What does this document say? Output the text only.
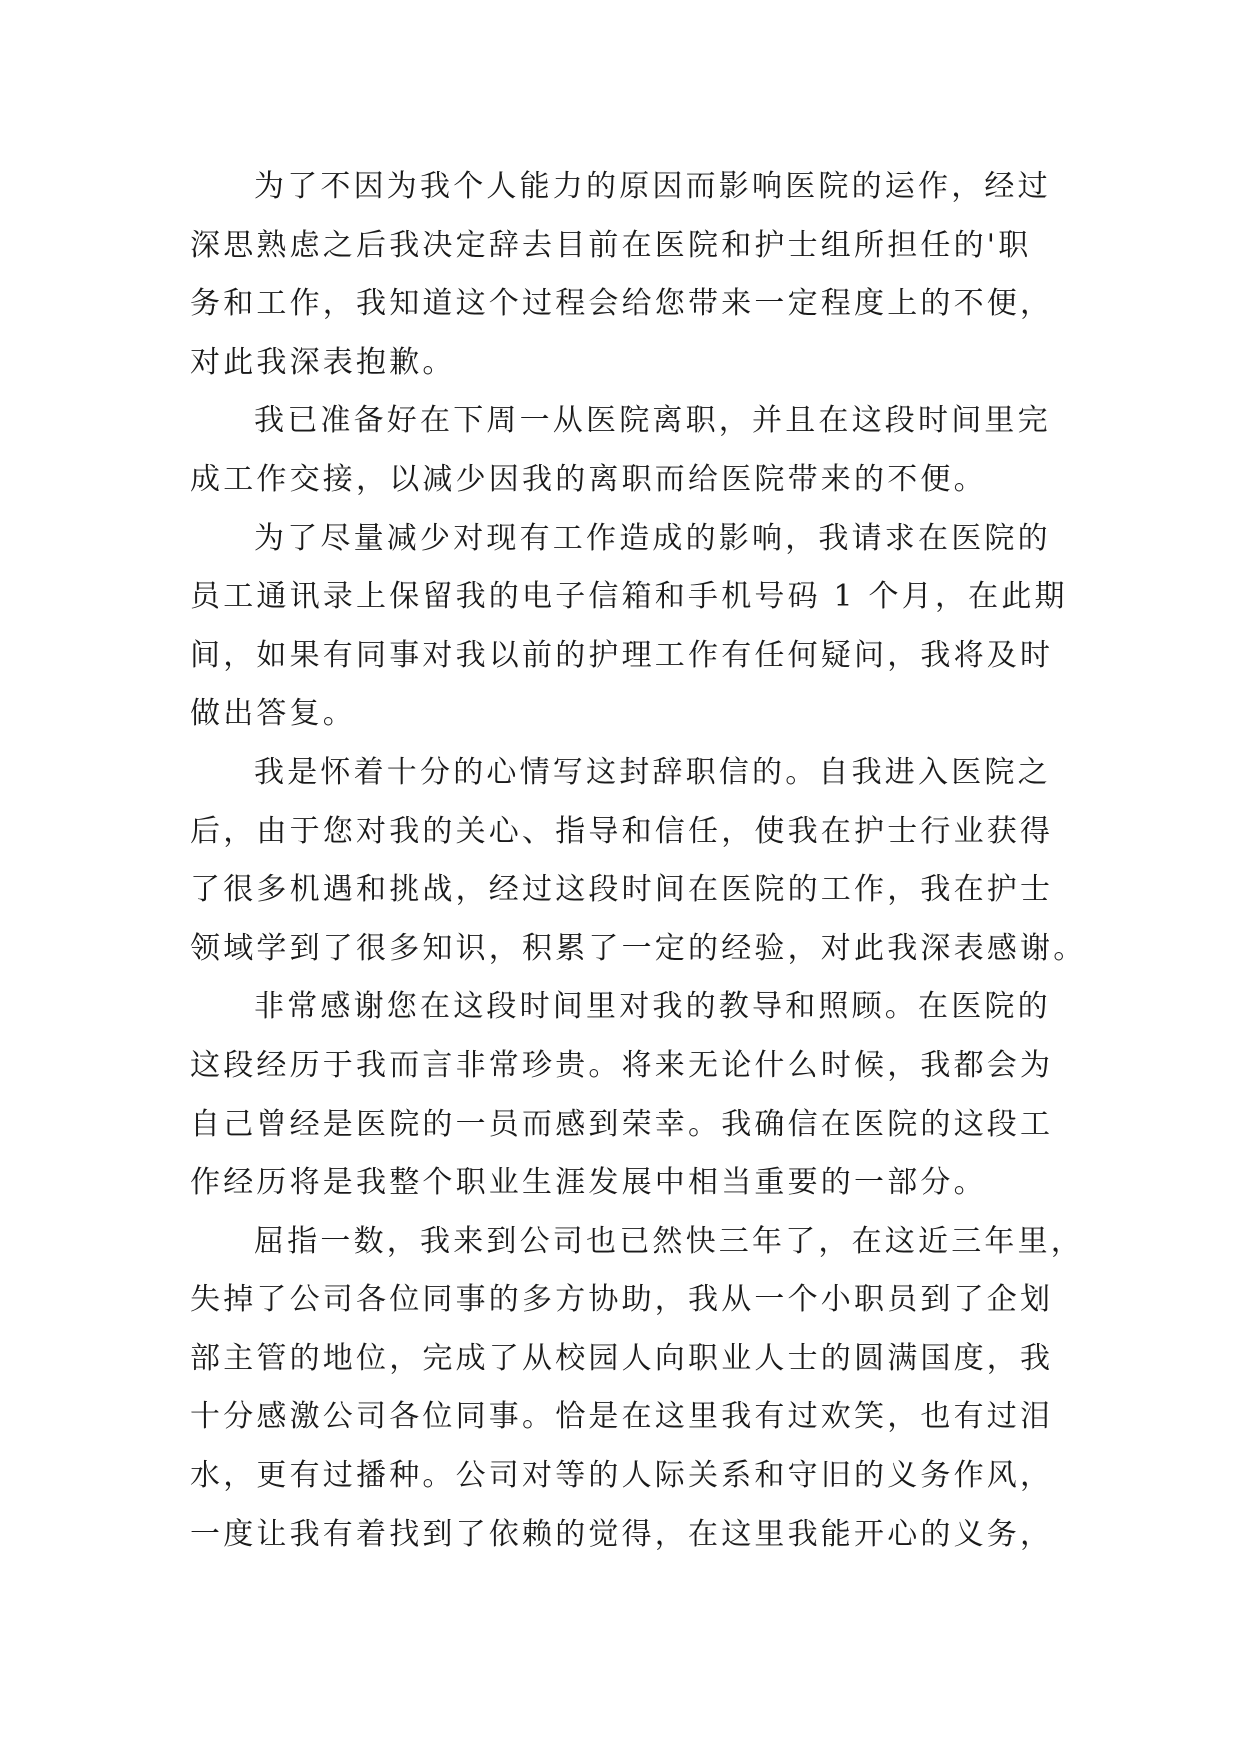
为了不因为我个人能力的原因而影响医院的运作，经过
深思熟虑之后我决定辞去目前在医院和护士组所担任的'职
务和工作，我知道这个过程会给您带来一定程度上的不便，
对此我深表抱歉。
我已准备好在下周一从医院离职，并且在这段时间里完
成工作交接，以减少因我的离职而给医院带来的不便。
为了尽量减少对现有工作造成的影响，我请求在医院的
员工通讯录上保留我的电子信箱和手机号码 1 个月，在此期
间，如果有同事对我以前的护理工作有任何疑问，我将及时
做出答复。
我是怀着十分的心情写这封辞职信的。自我进入医院之
后，由于您对我的关心、指导和信任，使我在护士行业获得
了很多机遇和挑战，经过这段时间在医院的工作，我在护士
领域学到了很多知识，积累了一定的经验，对此我深表感谢。
非常感谢您在这段时间里对我的教导和照顾。在医院的
这段经历于我而言非常珍贵。将来无论什么时候，我都会为
自己曾经是医院的一员而感到荣幸。我确信在医院的这段工
作经历将是我整个职业生涯发展中相当重要的一部分。
屈指一数，我来到公司也已然快三年了，在这近三年里，
失掉了公司各位同事的多方协助，我从一个小职员到了企划
部主管的地位，完成了从校园人向职业人士的圆满国度，我
十分感激公司各位同事。恰是在这里我有过欢笑，也有过泪
水，更有过播种。公司对等的人际关系和守旧的义务作风，
一度让我有着找到了依赖的觉得，在这里我能开心的义务，
